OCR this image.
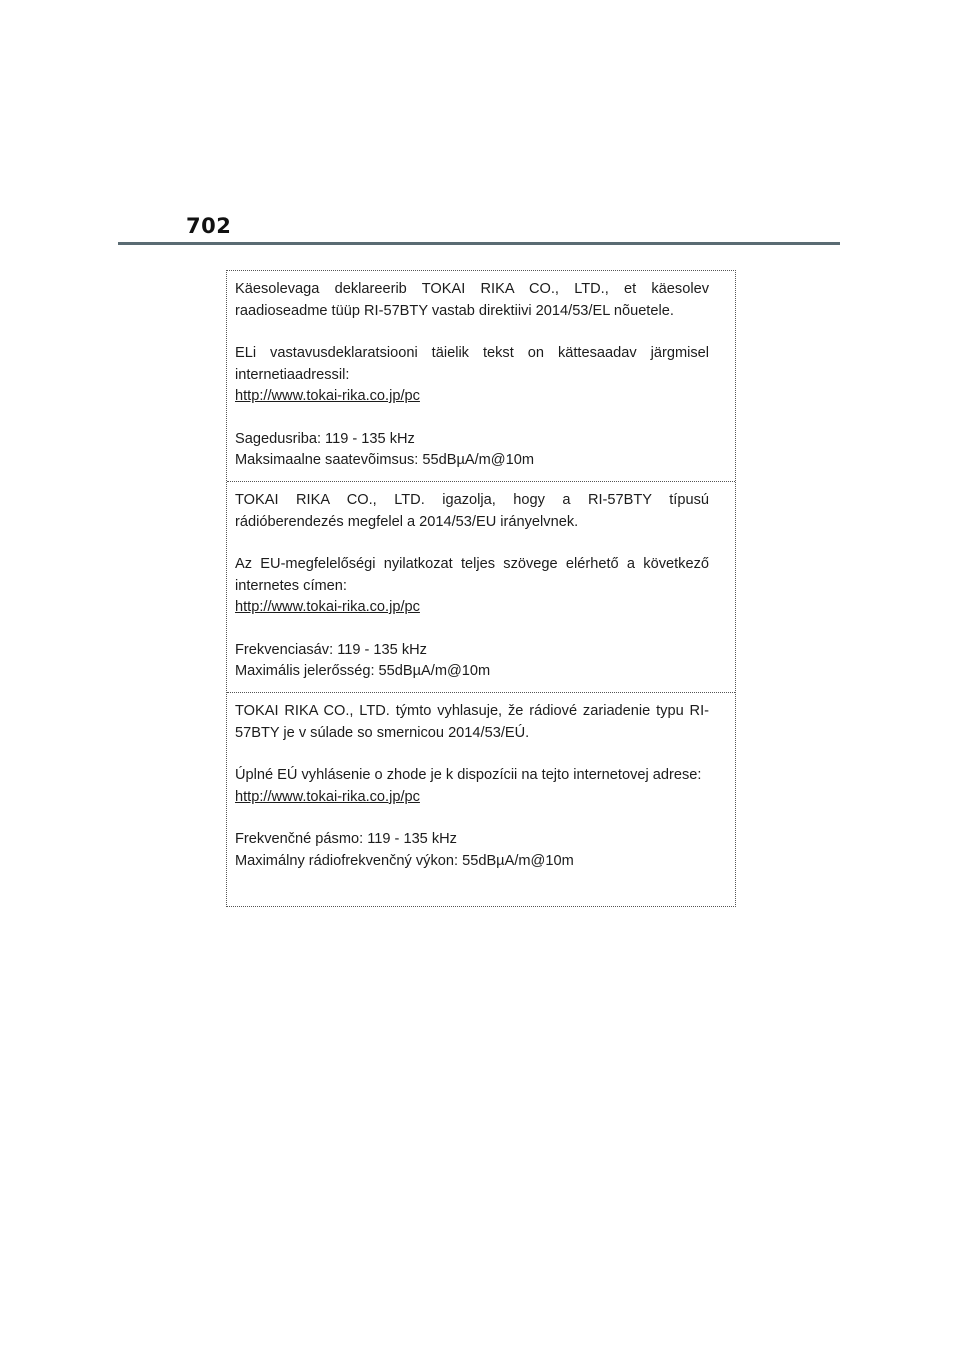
702

Käesolevaga deklareerib TOKAI RIKA CO., LTD., et käesolev raadioseadme tüüp RI-57BTY vastab direktiivi 2014/53/EL nõuetele.

ELi vastavusdeklaratsiooni täielik tekst on kättesaadav järgmisel internetiaadressil:
http://www.tokai-rika.co.jp/pc

Sagedusriba: 119 - 135 kHz
Maksimaalne saatevõimsus: 55dBµA/m@10m

TOKAI RIKA CO., LTD. igazolja, hogy a RI-57BTY típusú rádióberendezés megfelel a 2014/53/EU irányelvnek.

Az EU-megfelelőségi nyilatkozat teljes szövege elérhető a következő internetes címen:
http://www.tokai-rika.co.jp/pc

Frekvenciasáv: 119 - 135 kHz
Maximális jelerősség: 55dBµA/m@10m

TOKAI RIKA CO., LTD. týmto vyhlasuje, že rádiové zariadenie typu RI-57BTY je v súlade so smernicou 2014/53/EÚ.

Úplné EÚ vyhlásenie o zhode je k dispozícii na tejto internetovej adrese:
http://www.tokai-rika.co.jp/pc

Frekvenčné pásmo: 119 - 135 kHz
Maximálny rádiofrekvenčný výkon: 55dBµA/m@10m
